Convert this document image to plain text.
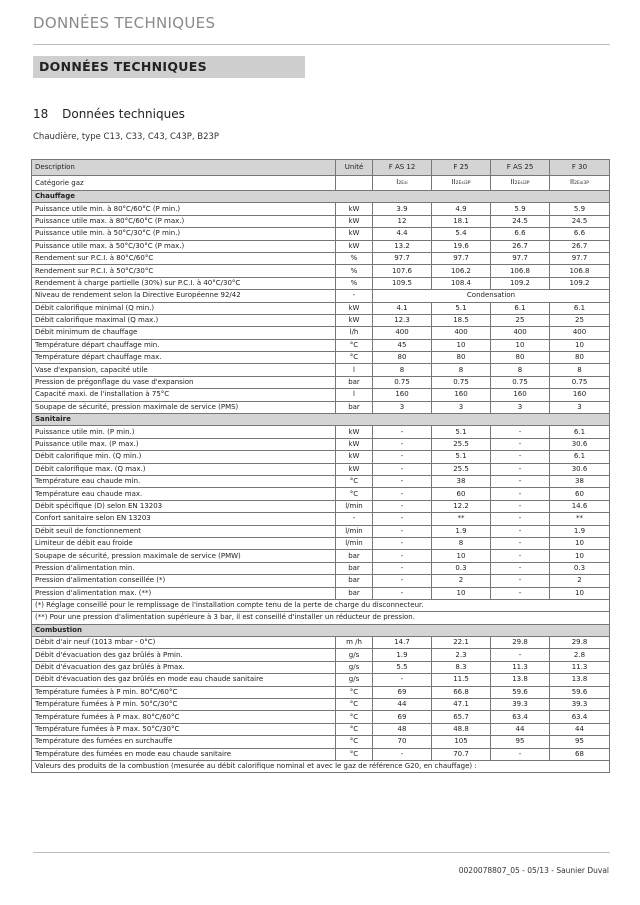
DONNÉES TECHNIQUES
DONNÉES TECHNIQUES
18 Données techniques
Chaudière, type C13, C33, C43, C43P, B23P
Description	Unité	F AS 12	F 25	F AS 25	F 30
Catégorie gaz		I2Esi	II2Esi3P	II2Esi3P	II2Esi3P
Chauffage					
Puissance utile min. à 80°C/60°C (P min.)	kW	3.9	4.9	5.9	5.9
Puissance utile max. à 80°C/60°C (P max.)	kW	12	18.1	24.5	24.5
Puissance utile min. à 50°C/30°C (P min.)	kW	4.4	5.4	6.6	6.6
Puissance utile max. à 50°C/30°C (P max.)	kW	13.2	19.6	26.7	26.7
Rendement sur P.C.I. à 80°C/60°C	%	97.7	97.7	97.7	97.7
Rendement sur P.C.I. à 50°C/30°C	%	107.6	106.2	106.8	106.8
Rendement à charge partielle (30%) sur P.C.I. à 40°C/30°C	%	109.5	108.4	109.2	109.2
Niveau de rendement selon la Directive Européenne 92/42	-	Condensation			
Débit calorifique minimal (Q min.)	kW	4.1	5.1	6.1	6.1
Débit calorifique maximal (Q max.)	kW	12.3	18.5	25	25
Débit minimum de chauffage	l/h	400	400	400	400
Température départ chauffage min.	°C	45	10	10	10
Température départ chauffage max.	°C	80	80	80	80
Vase d'expansion, capacité utile	l	8	8	8	8
Pression de prégonflage du vase d'expansion	bar	0.75	0.75	0.75	0.75
Capacité maxi. de l'installation à 75°C	l	160	160	160	160
Soupape de sécurité, pression maximale de service (PMS)	bar	3	3	3	3
Sanitaire					
Puissance utile min. (P min.)	kW	-	5.1	-	6.1
Puissance utile max. (P max.)	kW	-	25.5	-	30.6
Débit calorifique min. (Q min.)	kW	-	5.1	-	6.1
Débit calorifique max. (Q max.)	kW	-	25.5	-	30.6
Température eau chaude min.	°C	-	38	-	38
Température eau chaude max.	°C	-	60	-	60
Débit spécifique (D) selon EN 13203	l/min	-	12.2	-	14.6
Confort sanitaire selon EN 13203	-	-	**	-	**
Débit seuil de fonctionnement	l/min	-	1.9	-	1.9
Limiteur de débit eau froide	l/min	-	8	-	10
Soupape de sécurité, pression maximale de service (PMW)	bar	-	10	-	10
Pression d'alimentation min.	bar	-	0.3	-	0.3
Pression d'alimentation conseillée (*)	bar	-	2	-	2
Pression d'alimentation max. (**)	bar	-	10	-	10
(*) Réglage conseillé pour le remplissage de l'installation compte tenu de la perte de charge du disconnecteur.					
(**) Pour une pression d'alimentation supérieure à 3 bar, il est conseillé d'installer un réducteur de pression.					
Combustion					
Débit d'air neuf (1013 mbar - 0°C)	m /h	14.7	22.1	29.8	29.8
Débit d'évacuation des gaz brûlés à Pmin.	g/s	1.9	2.3	-	2.8
Débit d'évacuation des gaz brûlés à Pmax.	g/s	5.5	8.3	11.3	11.3
Débit d'évacuation des gaz brûlés en mode eau chaude sanitaire	g/s	-	11.5	13.8	13.8
Température fumées à P min. 80°C/60°C	°C	69	66.8	59.6	59.6
Température fumées à P min. 50°C/30°C	°C	44	47.1	39.3	39.3
Température fumées à P max. 80°C/60°C	°C	69	65.7	63.4	63.4
Température fumées à P max. 50°C/30°C	°C	48	48.8	44	44
Température des fumées en surchauffe	°C	70	105	95	95
Température des fumées en mode eau chaude sanitaire	°C	-	70.7	-	68
Valeurs des produits de la combustion (mesurée au débit calorifique nominal et avec le gaz de référence G20, en chauffage) :					
0020078807_05 - 05/13 - Saunier Duval
